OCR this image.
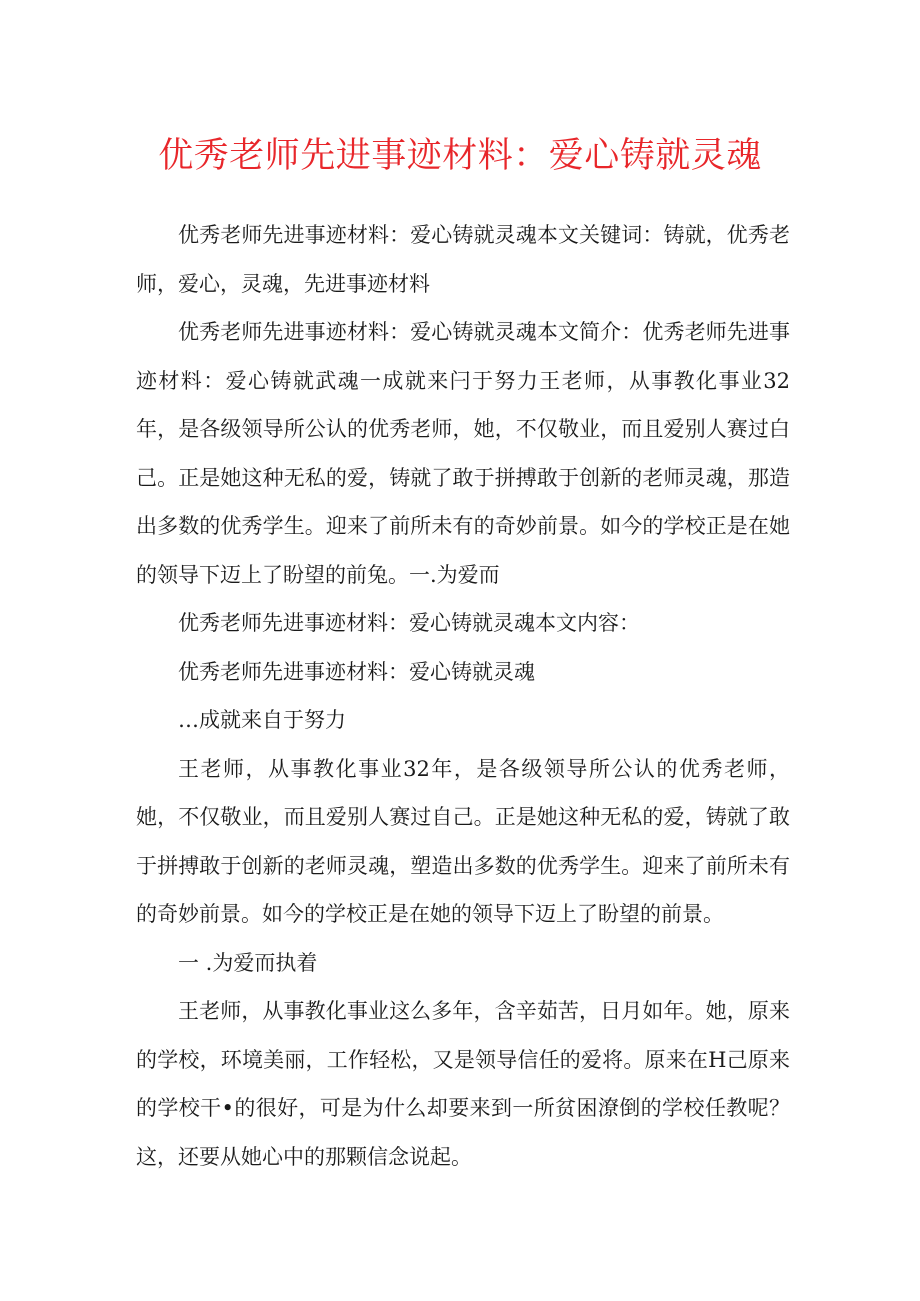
优秀老师先进事迹材料：爱心铸就灵魂

优秀老师先进事迹材料：爱心铸就灵魂本文关键词：铸就，优秀老师，爱心，灵魂，先进事迹材料

优秀老师先进事迹材料：爱心铸就灵魂本文简介：优秀老师先进事迹材料：爱心铸就武魂一成就来闩于努力王老师，从事教化事业32年，是各级领导所公认的优秀老师，她，不仅敬业，而且爱别人赛过白己。正是她这种无私的爱，铸就了敢于拼搏敢于创新的老师灵魂，那造出多数的优秀学生。迎来了前所未有的奇妙前景。如今的学校正是在她的领导下迈上了盼望的前兔。一.为爱而

优秀老师先进事迹材料：爱心铸就灵魂本文内容：

优秀老师先进事迹材料：爱心铸就灵魂

…成就来自于努力

王老师，从事教化事业32年，是各级领导所公认的优秀老师，她，不仅敬业，而且爱别人赛过自己。正是她这种无私的爱，铸就了敢于拼搏敢于创新的老师灵魂，塑造出多数的优秀学生。迎来了前所未有的奇妙前景。如今的学校正是在她的领导下迈上了盼望的前景。

一 .为爱而执着

王老师，从事教化事业这么多年，含辛茹苦，日月如年。她，原来的学校，环境美丽，工作轻松，又是领导信任的爱将。原来在H己原来的学校干•的很好，可是为什么却要来到一所贫困潦倒的学校任教呢？这，还要从她心中的那颗信念说起。
